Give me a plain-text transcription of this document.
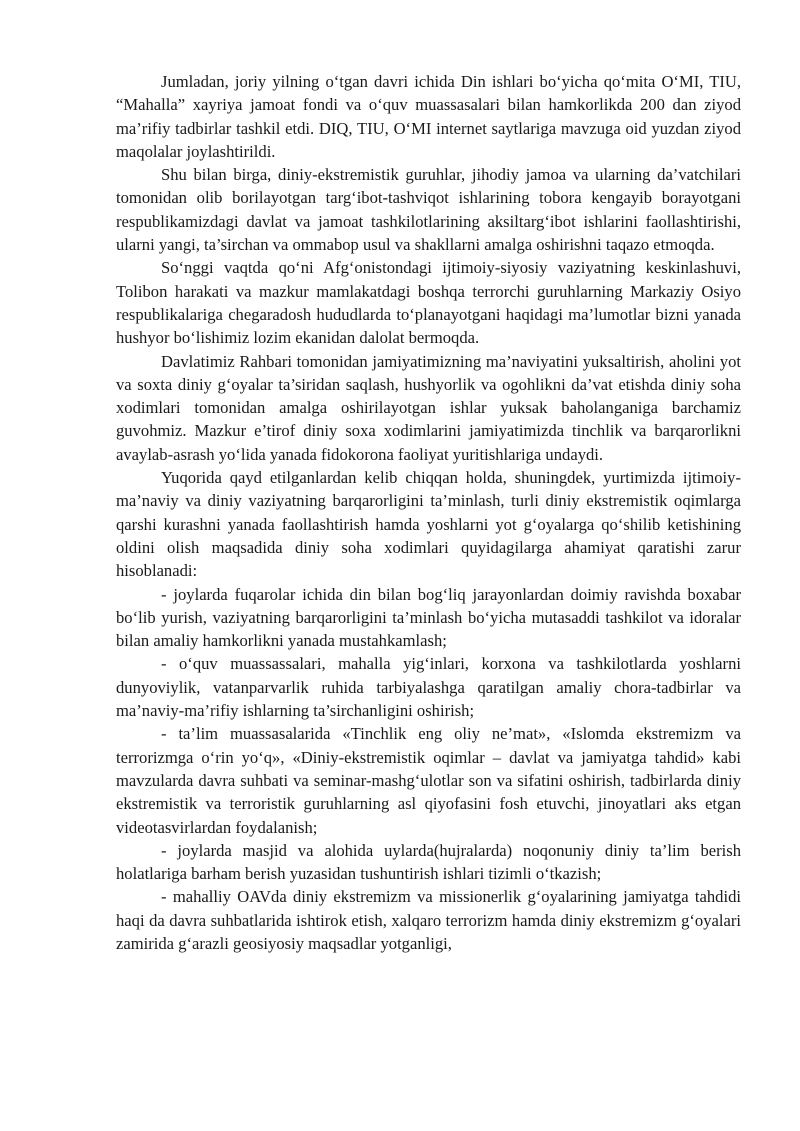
Jumladan, joriy yilning o‘tgan davri ichida Din ishlari bo‘yicha qo‘mita O‘MI, TIU, “Mahalla” xayriya jamoat fondi va o‘quv muassasalari bilan hamkorlikda 200 dan ziyod ma’rifiy tadbirlar tashkil etdi. DIQ, TIU, O‘MI internet saytlariga mavzuga oid yuzdan ziyod maqolalar joylashtirildi.

Shu bilan birga, diniy-ekstremistik guruhlar, jihodiy jamoa va ularning da’vatchilari tomonidan olib borilayotgan targ‘ibot-tashviqot ishlarining tobora kengayib borayotgani respublikamizdagi davlat va jamoat tashkilotlarining aksiltarg‘ibot ishlarini faollashtirishi, ularni yangi, ta’sirchan va ommabop usul va shakllarni amalga oshirishni taqazo etmoqda.

So‘nggi vaqtda qo‘ni Afg‘onistondagi ijtimoiy-siyosiy vaziyatning keskinlashuvi, Tolibon harakati va mazkur mamlakatdagi boshqa terrorchi guruhlarning Markaziy Osiyo respublikalariga chegaradosh hududlarda to‘planayotgani haqidagi ma’lumotlar bizni yanada hushyor bo‘lishimiz lozim ekanidan dalolat bermoqda.

Davlatimiz Rahbari tomonidan jamiyatimizning ma’naviyatini yuksaltirish, aholini yot va soxta diniy g‘oyalar ta’siridan saqlash, hushyorlik va ogohlikni da’vat etishda diniy soha xodimlari tomonidan amalga oshirilayotgan ishlar yuksak baholanganiga barchamiz guvohmiz. Mazkur e’tirof diniy soxa xodimlarini jamiyatimizda tinchlik va barqarorlikni avaylab-asrash yo‘lida yanada fidokorona faoliyat yuritishlariga undaydi.

Yuqorida qayd etilganlardan kelib chiqqan holda, shuningdek, yurtimizda ijtimoiy-ma’naviy va diniy vaziyatning barqarorligini ta’minlash, turli diniy ekstremistik oqimlarga qarshi kurashni yanada faollashtirish hamda yoshlarni yot g‘oyalarga qo‘shilib ketishining oldini olish maqsadida diniy soha xodimlari quyidagilarga ahamiyat qaratishi zarur hisoblanadi:

- joylarda fuqarolar ichida din bilan bog‘liq jarayonlardan doimiy ravishda boxabar bo‘lib yurish, vaziyatning barqarorligini ta’minlash bo‘yicha mutasaddi tashkilot va idoralar bilan amaliy hamkorlikni yanada mustahkamlash;

- o‘quv muassassalari, mahalla yig‘inlari, korxona va tashkilotlarda yoshlarni dunyoviylik, vatanparvarlik ruhida tarbiyalashga qaratilgan amaliy chora-tadbirlar va ma’naviy-ma’rifiy ishlarning ta’sirchanligini oshirish;

- ta’lim muassasalarida «Tinchlik eng oliy ne’mat», «Islomda ekstremizm va terrorizmga o‘rin yo‘q», «Diniy-ekstremistik oqimlar – davlat va jamiyatga tahdid» kabi mavzularda davra suhbati va seminar-mashg‘ulotlar son va sifatini oshirish, tadbirlarda diniy ekstremistik va terroristik guruhlarning asl qiyofasini fosh etuvchi, jinoyatlari aks etgan videotasvirlardan foydalanish;

- joylarda masjid va alohida uylarda(hujralarda) noqonuniy diniy ta’lim berish holatlariga barham berish yuzasidan tushuntirish ishlari tizimli o‘tkazish;

- mahalliy OAVda diniy ekstremizm va missionerlik g‘oyalarining jamiyatga tahdidi haqi da davra suhbatlarida ishtirok etish, xalqaro terrorizm hamda diniy ekstremizm g‘oyalari zamirida g‘arazli geosiyosiy maqsadlar yotganligi,
